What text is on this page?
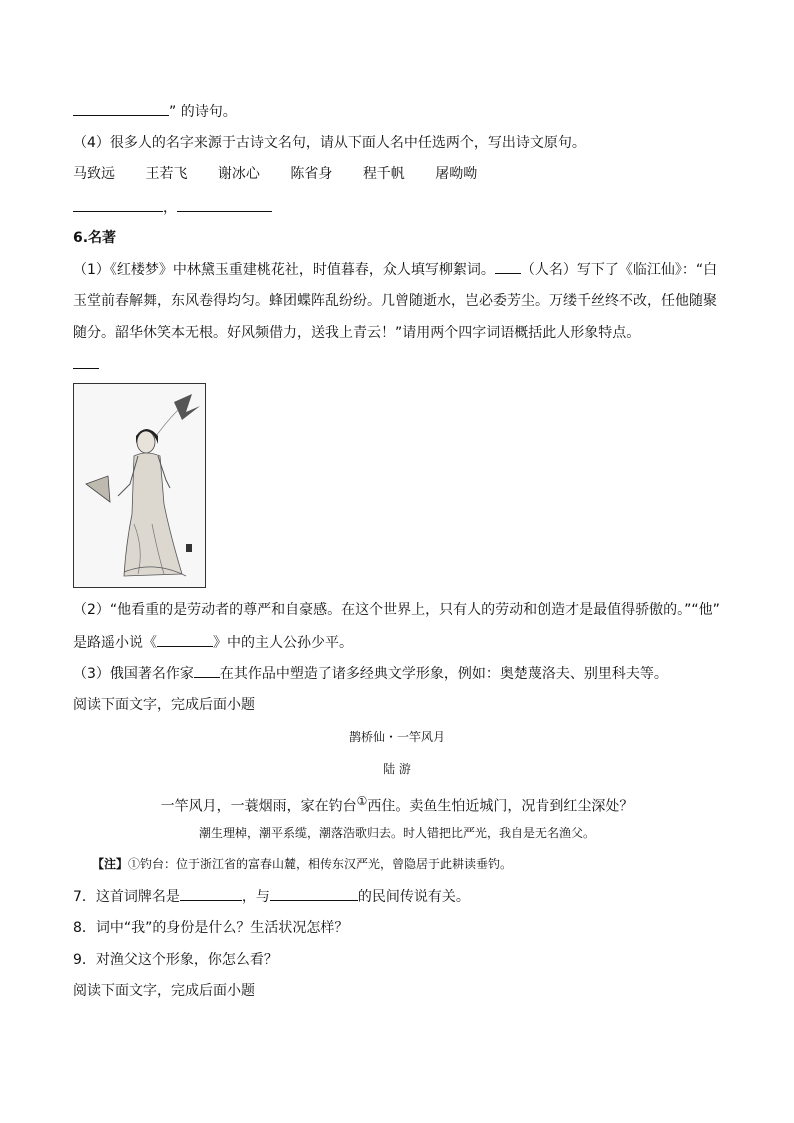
” 的诗句。
（4）很多人的名字来源于古诗文名句，请从下面人名中任选两个，写出诗文原句。
马致远 王若飞 谢冰心 陈省身 程千帆 屠呦呦
，
6.名著
（1）《红楼梦》中林黛玉重建桃花社，时值暮春，众人填写柳絮词。 （人名）写下了《临江仙》：“白
玉堂前春解舞，东风卷得均匀。蜂团蝶阵乱纷纷。几曾随逝水，岂必委芳尘。万缕千丝终不改，任他随聚
随分。韶华休笑本无根。好风频借力，送我上青云！”请用两个四字词语概括此人形象特点。
（2）“他看重的是劳动者的尊严和自豪感。在这个世界上，只有人的劳动和创造才是最值得骄傲的。”“他”
是路遥小说《	》中的主人公孙少平。
（3）俄国著名作家 在其作品中塑造了诸多经典文学形象，例如：奥楚蔑洛夫、别里科夫等。
阅读下面文字，完成后面小题
鹊桥仙・一竿风月
陆 游
一竿风月，一蓑烟雨，家在钓台①西住。卖鱼生怕近城门，况肯到红尘深处？
潮生理棹，潮平系缆，潮落浩歌归去。时人错把比严光，我自是无名渔父。
【注】①钓台：位于浙江省的富春山麓，相传东汉严光，曾隐居于此耕读垂钓。
7．这首词牌名是	，与	的民间传说有关。
8．词中“我”的身份是什么？生活状况怎样？
9．对渔父这个形象，你怎么看？
阅读下面文字，完成后面小题
